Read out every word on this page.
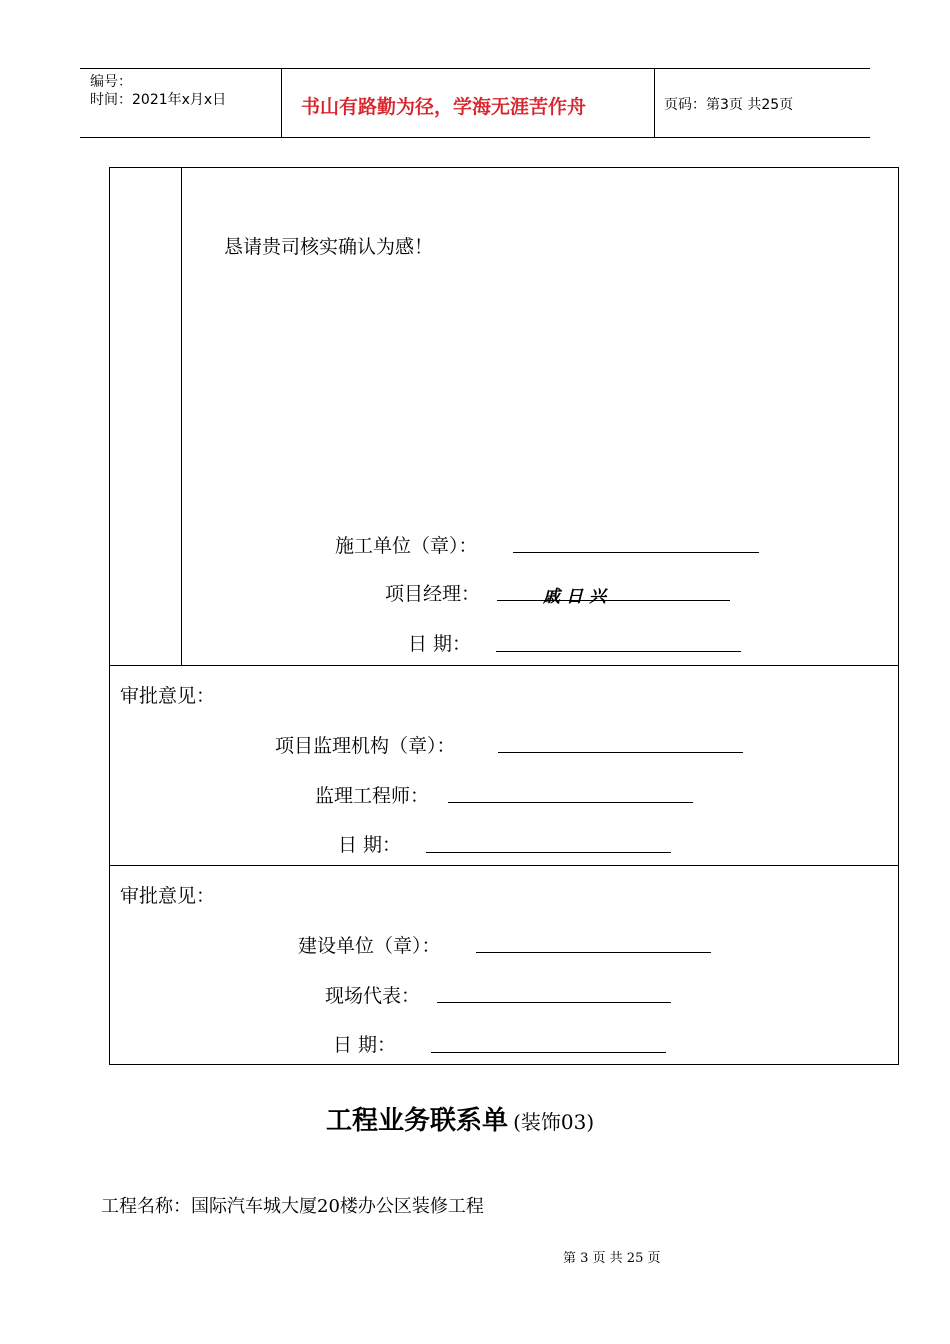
编号：
时间：2021年x月x日	书山有路勤为径，学海无涯苦作舟	页码：第3页 共25页
恳请贵司核实确认为感！
施工单位（章）：
项目经理：	戚日兴
日 期：
审批意见：
项目监理机构（章）：
监理工程师：
日 期：
审批意见：
建设单位（章）：
现场代表：
日 期：
工程业务联系单 (装饰03)
工程名称：国际汽车城大厦20楼办公区装修工程
第 3 页 共 25 页
